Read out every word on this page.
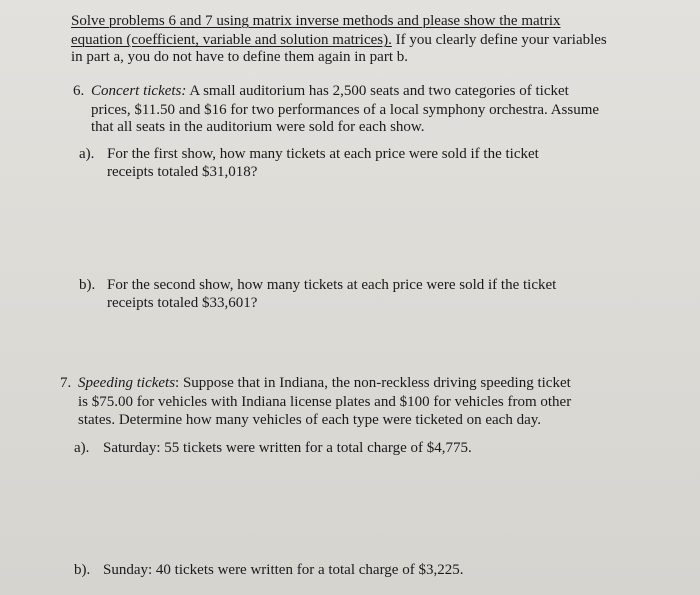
Solve problems 6 and 7 using matrix inverse methods and please show the matrix
equation (coefficient, variable and solution matrices). If you clearly define your variables
in part a, you do not have to define them again in part b.
6. Concert tickets: A small auditorium has 2,500 seats and two categories of ticket
prices, $11.50 and $16 for two performances of a local symphony orchestra. Assume
that all seats in the auditorium were sold for each show.
a). For the first show, how many tickets at each price were sold if the ticket
receipts totaled $31,018?
b). For the second show, how many tickets at each price were sold if the ticket
receipts totaled $33,601?
7. Speeding tickets: Suppose that in Indiana, the non-reckless driving speeding ticket
is $75.00 for vehicles with Indiana license plates and $100 for vehicles from other
states. Determine how many vehicles of each type were ticketed on each day.
a). Saturday: 55 tickets were written for a total charge of $4,775.
b). Sunday: 40 tickets were written for a total charge of $3,225.
